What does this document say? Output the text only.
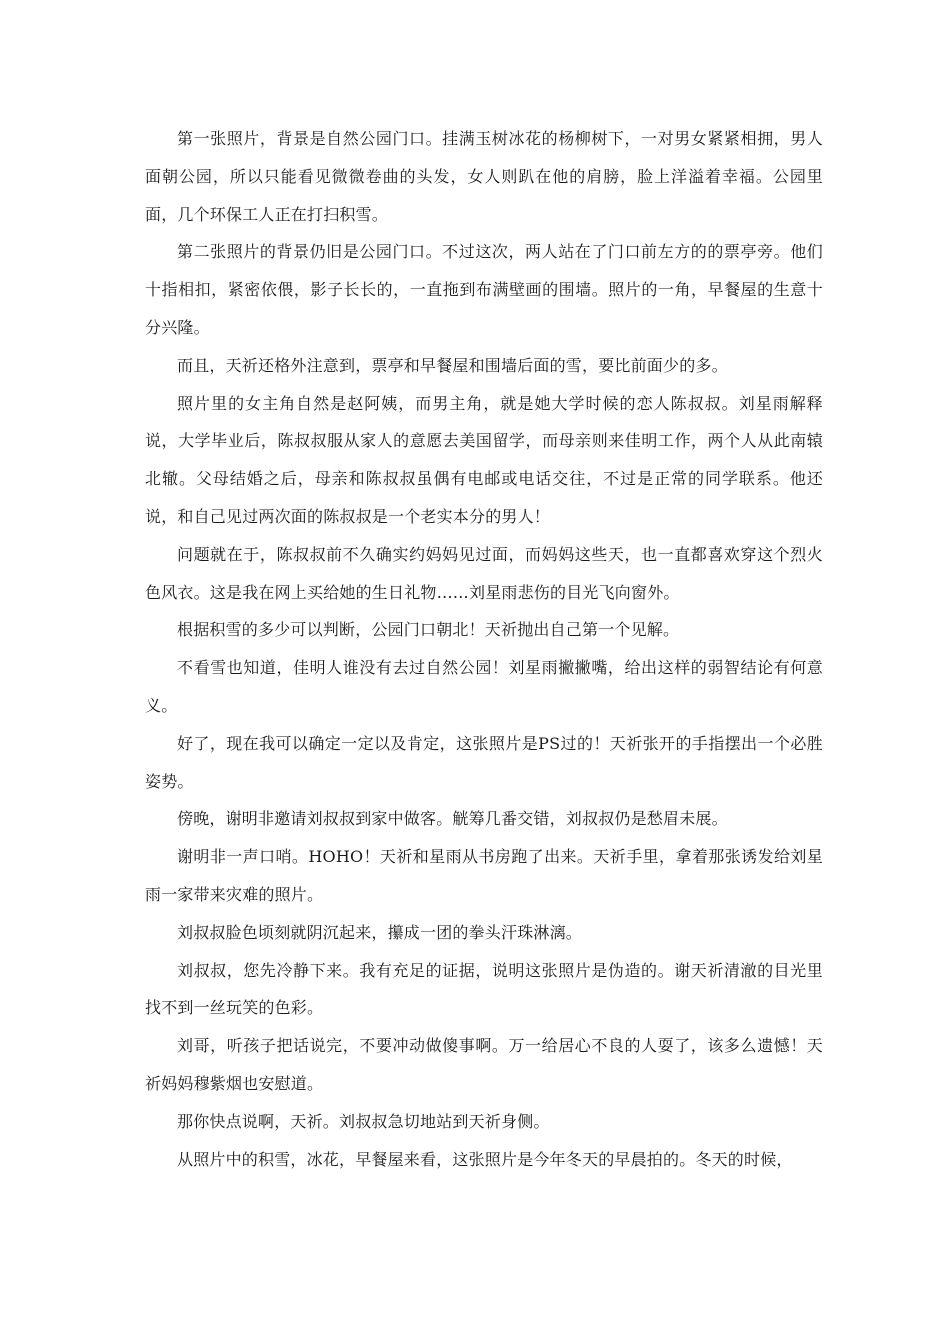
第一张照片，背景是自然公园门口。挂满玉树冰花的杨柳树下，一对男女紧紧相拥，男人面朝公园，所以只能看见微微卷曲的头发，女人则趴在他的肩膀，脸上洋溢着幸福。公园里面，几个环保工人正在打扫积雪。

第二张照片的背景仍旧是公园门口。不过这次，两人站在了门口前左方的的票亭旁。他们十指相扣，紧密依偎，影子长长的，一直拖到布满壁画的围墙。照片的一角，早餐屋的生意十分兴隆。

而且，天祈还格外注意到，票亭和早餐屋和围墙后面的雪，要比前面少的多。

照片里的女主角自然是赵阿姨，而男主角，就是她大学时候的恋人陈叔叔。刘星雨解释说，大学毕业后，陈叔叔服从家人的意愿去美国留学，而母亲则来佳明工作，两个人从此南辕北辙。父母结婚之后，母亲和陈叔叔虽偶有电邮或电话交往，不过是正常的同学联系。他还说，和自己见过两次面的陈叔叔是一个老实本分的男人！

问题就在于，陈叔叔前不久确实约妈妈见过面，而妈妈这些天，也一直都喜欢穿这个烈火色风衣。这是我在网上买给她的生日礼物……刘星雨悲伤的目光飞向窗外。

根据积雪的多少可以判断，公园门口朝北！天祈抛出自己第一个见解。

不看雪也知道，佳明人谁没有去过自然公园！刘星雨撇撇嘴，给出这样的弱智结论有何意义。

好了，现在我可以确定一定以及肯定，这张照片是PS过的！天祈张开的手指摆出一个必胜姿势。

傍晚，谢明非邀请刘叔叔到家中做客。觥筹几番交错，刘叔叔仍是愁眉未展。

谢明非一声口哨。HOHO！天祈和星雨从书房跑了出来。天祈手里，拿着那张诱发给刘星雨一家带来灾难的照片。

刘叔叔脸色顷刻就阴沉起来，攥成一团的拳头汗珠淋漓。

刘叔叔，您先冷静下来。我有充足的证据，说明这张照片是伪造的。谢天祈清澈的目光里找不到一丝玩笑的色彩。

刘哥，听孩子把话说完，不要冲动做傻事啊。万一给居心不良的人耍了，该多么遗憾！天祈妈妈穆紫烟也安慰道。

那你快点说啊，天祈。刘叔叔急切地站到天祈身侧。

从照片中的积雪，冰花，早餐屋来看，这张照片是今年冬天的早晨拍的。冬天的时候，
